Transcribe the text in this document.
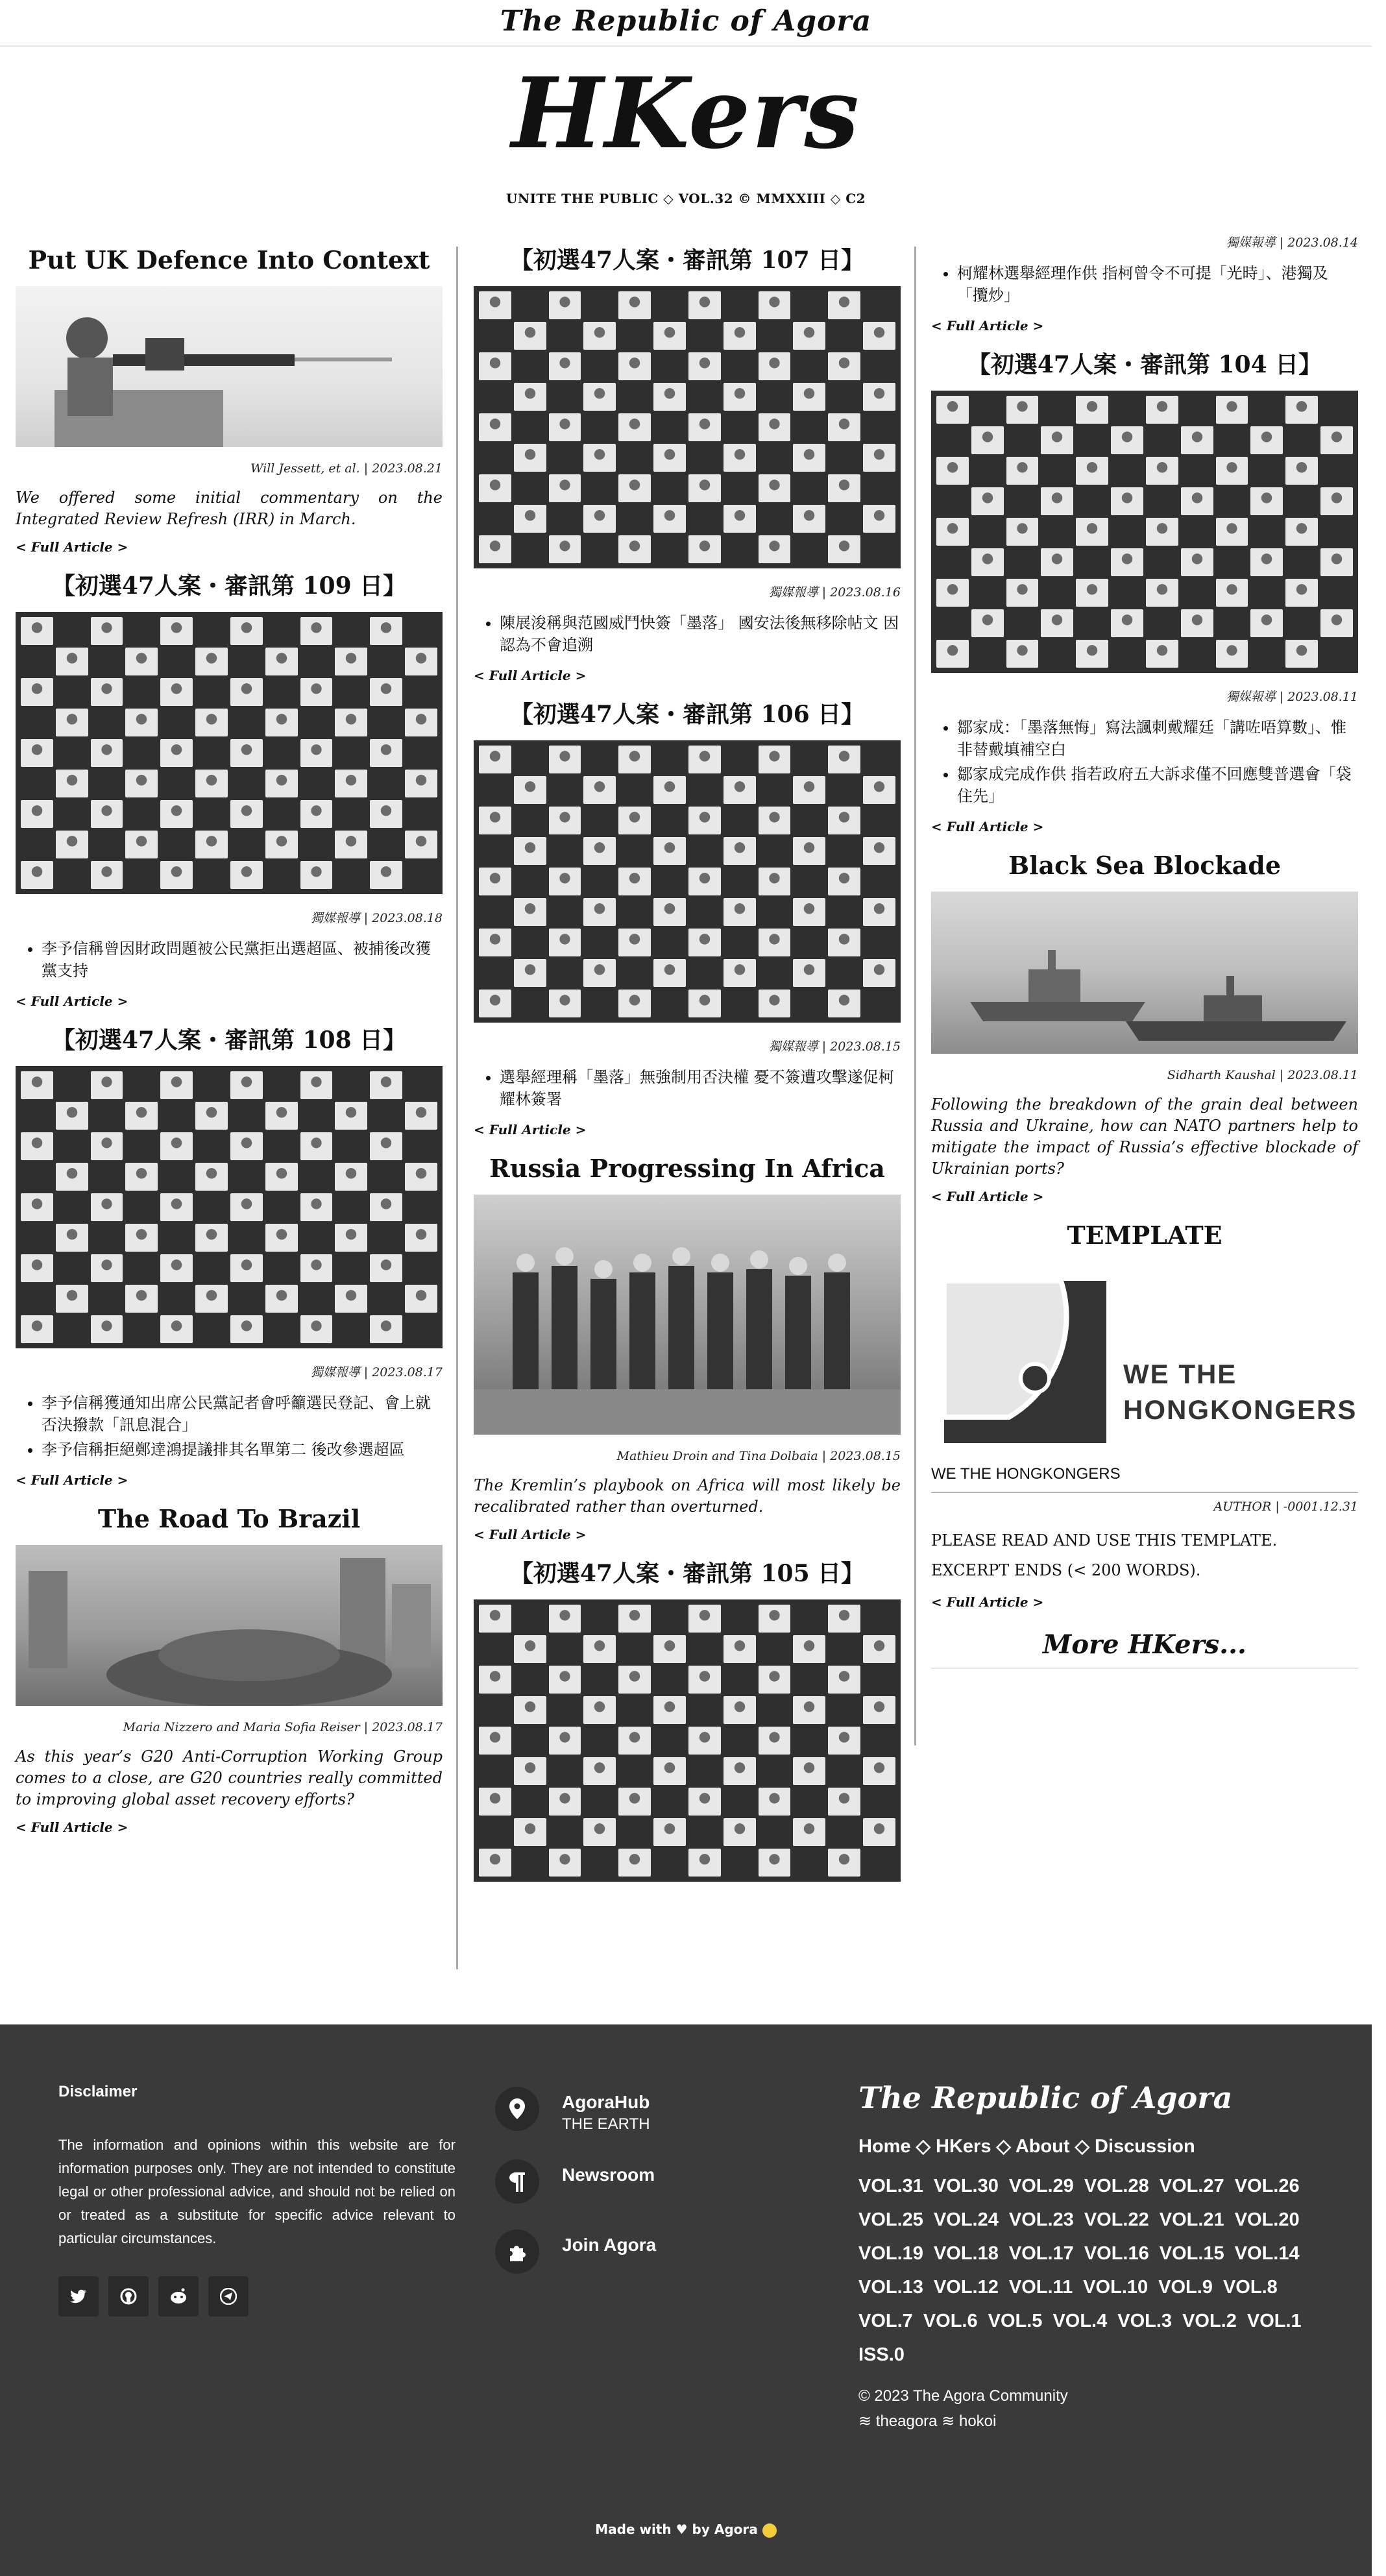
The Republic of Agora
HKers
UNITE THE PUBLIC ◇ VOL.32 © MMXXIII ◇ C2
Put UK Defence Into Context
Will Jessett, et al. | 2023.08.21
We offered some initial commentary on the Integrated Review Refresh (IRR) in March.
< Full Article >
【初選47人案・審訊第 109 日】
獨媒報導 | 2023.08.18
• 李予信稱曾因財政問題被公民黨拒出選超區、被捕後改獲黨支持
< Full Article >
【初選47人案・審訊第 108 日】
獨媒報導 | 2023.08.17
• 李予信稱獲通知出席公民黨記者會呼籲選民登記、會上就否決撥款「訊息混合」
• 李予信稱拒絕鄭達鴻提議排其名單第二 後改參選超區
< Full Article >
The Road To Brazil
Maria Nizzero and Maria Sofia Reiser | 2023.08.17
As this year’s G20 Anti-Corruption Working Group comes to a close, are G20 countries really committed to improving global asset recovery efforts?
< Full Article >
【初選47人案・審訊第 107 日】
獨媒報導 | 2023.08.16
• 陳展浚稱與范國威鬥快簽「墨落」 國安法後無移除帖文 因認為不會追溯
< Full Article >
【初選47人案・審訊第 106 日】
獨媒報導 | 2023.08.15
• 選舉經理稱「墨落」無強制用否決權 憂不簽遭攻擊遂促柯耀林簽署
< Full Article >
Russia Progressing In Africa
Mathieu Droin and Tina Dolbaia | 2023.08.15
The Kremlin’s playbook on Africa will most likely be recalibrated rather than overturned.
< Full Article >
【初選47人案・審訊第 105 日】
獨媒報導 | 2023.08.14
• 柯耀林選舉經理作供 指柯曾令不可提「光時」、港獨及「攬炒」
< Full Article >
【初選47人案・審訊第 104 日】
獨媒報導 | 2023.08.11
• 鄒家成：「墨落無悔」寫法諷刺戴耀廷「講咗唔算數」、惟非替戴填補空白
• 鄒家成完成作供 指若政府五大訴求僅不回應雙普選會「袋住先」
< Full Article >
Black Sea Blockade
Sidharth Kaushal | 2023.08.11
Following the breakdown of the grain deal between Russia and Ukraine, how can NATO partners help to mitigate the impact of Russia’s effective blockade of Ukrainian ports?
< Full Article >
TEMPLATE
WE THE
HONGKONGERS
WE THE HONGKONGERS
AUTHOR | -0001.12.31
PLEASE READ AND USE THIS TEMPLATE.
EXCERPT ENDS (< 200 WORDS).
< Full Article >
More HKers...
Disclaimer

The information and opinions within this website are for information purposes only. They are not intended to constitute legal or other professional advice, and should not be relied on or treated as a substitute for specific advice relevant to particular circumstances.

AgoraHub
THE EARTH
Newsroom
Join Agora
The Republic of Agora
Home ◇ HKers ◇ About ◇ Discussion
VOL.31 VOL.30 VOL.29 VOL.28 VOL.27 VOL.26
VOL.25 VOL.24 VOL.23 VOL.22 VOL.21 VOL.20
VOL.19 VOL.18 VOL.17 VOL.16 VOL.15 VOL.14
VOL.13 VOL.12 VOL.11 VOL.10 VOL.9 VOL.8
VOL.7 VOL.6 VOL.5 VOL.4 VOL.3 VOL.2 VOL.1
ISS.0
© 2023 The Agora Community
≋ theagora ≋ hokoi
Made with ♥ by Agora
